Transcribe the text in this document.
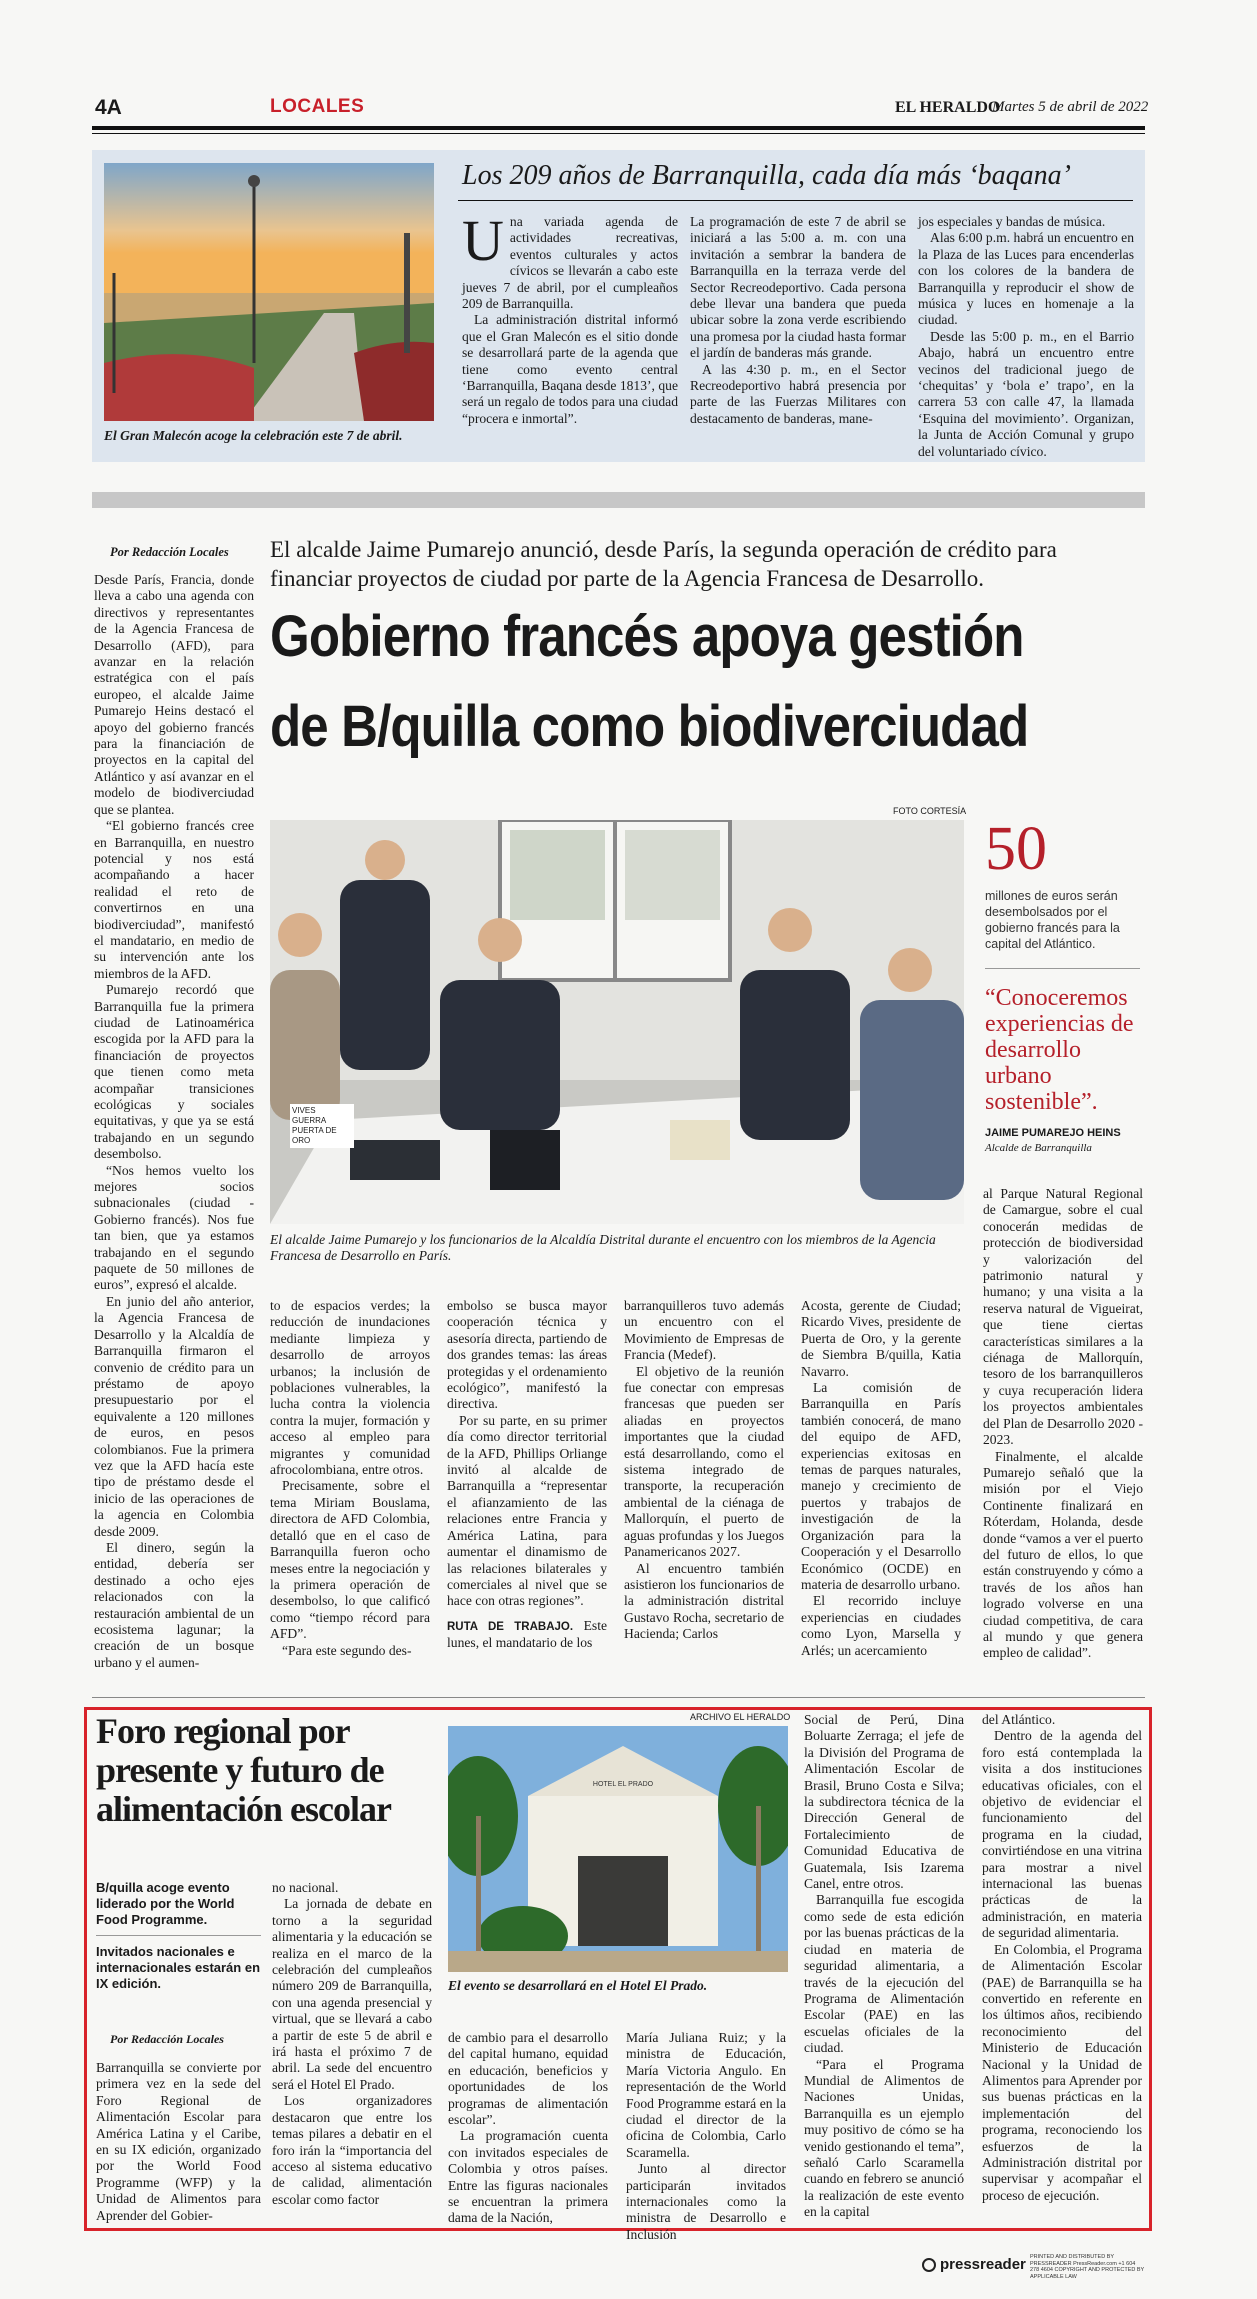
4A	LOCALES	EL HERALDO
Martes 5 de abril de 2022
El Gran Malecón acoge la celebración este 7 de abril.
Los 209 años de Barranquilla, cada día más ‘baqana’
U na variada agenda de actividades recreativas, eventos culturales y actos cívicos se llevarán a cabo este jueves 7 de abril, por el cumpleaños 209 de Barranquilla.

La administración distrital informó que el Gran Malecón es el sitio donde se desarrollará parte de la agenda que tiene como evento central ‘Barranquilla, Baqana desde 1813’, que será un regalo de todos para una ciudad “procera e inmortal”.

La programación de este 7 de abril se iniciará a las 5:00 a. m. con una invitación a sembrar la bandera de Barranquilla en la terraza verde del Sector Recreodeportivo. Cada persona debe llevar una bandera que pueda ubicar sobre la zona verde escribiendo una promesa por la ciudad hasta formar el jardín de banderas más grande.

A las 4:30 p. m., en el Sector Recreodeportivo habrá presencia por parte de las Fuerzas Militares con destacamento de banderas, mane-

jos especiales y bandas de música.

Alas 6:00 p.m. habrá un encuentro en la Plaza de las Luces para encenderlas con los colores de la bandera de Barranquilla y reproducir el show de música y luces en homenaje a la ciudad.

Desde las 5:00 p. m., en el Barrio Abajo, habrá un encuentro entre vecinos del tradicional juego de ‘chequitas’ y ‘bola e’ trapo’, en la carrera 53 con calle 47, la llamada ‘Esquina del movimiento’. Organizan, la Junta de Acción Comunal y grupo del voluntariado cívico.

Por Redacción Locales

Desde París, Francia, donde lleva a cabo una agenda con directivos y representantes de la Agencia Francesa de Desarrollo (AFD), para avanzar en la relación estratégica con el país europeo, el alcalde Jaime Pumarejo Heins destacó el apoyo del gobierno francés para la financiación de proyectos en la capital del Atlántico y así avanzar en el modelo de biodiverciudad que se plantea.

“El gobierno francés cree en Barranquilla, en nuestro potencial y nos está acompañando a hacer realidad el reto de convertirnos en una biodiverciudad”, manifestó el mandatario, en medio de su intervención ante los miembros de la AFD.

Pumarejo recordó que Barranquilla fue la primera ciudad de Latinoamérica escogida por la AFD para la financiación de proyectos que tienen como meta acompañar transiciones ecológicas y sociales equitativas, y que ya se está trabajando en un segundo desembolso.

“Nos hemos vuelto los mejores socios subnacionales (ciudad - Gobierno francés). Nos fue tan bien, que ya estamos trabajando en el segundo paquete de 50 millones de euros”, expresó el alcalde.

En junio del año anterior, la Agencia Francesa de Desarrollo y la Alcaldía de Barranquilla firmaron el convenio de crédito para un préstamo de apoyo presupuestario por el equivalente a 120 millones de euros, en pesos colombianos. Fue la primera vez que la AFD hacía este tipo de préstamo desde el inicio de las operaciones de la agencia en Colombia desde 2009.

El dinero, según la entidad, debería ser destinado a ocho ejes relacionados con la restauración ambiental de un ecosistema lagunar; la creación de un bosque urbano y el aumen-

El alcalde Jaime Pumarejo anunció, desde París, la segunda operación de crédito para financiar proyectos de ciudad por parte de la Agencia Francesa de Desarrollo.
Gobierno francés apoya gestión
de B/quilla como biodiverciudad
FOTO CORTESÍA
VIVES GUERRA PUERTA DE ORO
El alcalde Jaime Pumarejo y los funcionarios de la Alcaldía Distrital durante el encuentro con los miembros de la Agencia Francesa de Desarrollo en París.
50
millones de euros serán desembolsados por el gobierno francés para la capital del Atlántico.
“Conoceremos experiencias de desarrollo urbano sostenible”.
JAIME PUMAREJO HEINS
Alcalde de Barranquilla

to de espacios verdes; la reducción de inundaciones mediante limpieza y desarrollo de arroyos urbanos; la inclusión de poblaciones vulnerables, la lucha contra la violencia contra la mujer, formación y acceso al empleo para migrantes y comunidad afrocolombiana, entre otros.

Precisamente, sobre el tema Miriam Bouslama, directora de AFD Colombia, detalló que en el caso de Barranquilla fueron ocho meses entre la negociación y la primera operación de desembolso, lo que calificó como “tiempo récord para AFD”.

“Para este segundo des-

embolso se busca mayor cooperación técnica y asesoría directa, partiendo de dos grandes temas: las áreas protegidas y el ordenamiento ecológico”, manifestó la directiva.

Por su parte, en su primer día como director territorial de la AFD, Phillips Orliange invitó al alcalde de Barranquilla a “representar el afianzamiento de las relaciones entre Francia y América Latina, para aumentar el dinamismo de las relaciones bilaterales y comerciales al nivel que se hace con otras regiones”.

RUTA DE TRABAJO. Este lunes, el mandatario de los

barranquilleros tuvo además un encuentro con el Movimiento de Empresas de Francia (Medef).

El objetivo de la reunión fue conectar con empresas francesas que pueden ser aliadas en proyectos importantes que la ciudad está desarrollando, como el sistema integrado de transporte, la recuperación ambiental de la ciénaga de Mallorquín, el puerto de aguas profundas y los Juegos Panamericanos 2027.

Al encuentro también asistieron los funcionarios de la administración distrital Gustavo Rocha, secretario de Hacienda; Carlos

Acosta, gerente de Ciudad; Ricardo Vives, presidente de Puerta de Oro, y la gerente de Siembra B/quilla, Katia Navarro.

La comisión de Barranquilla en París también conocerá, de mano del equipo de AFD, experiencias exitosas en temas de parques naturales, manejo y crecimiento de puertos y trabajos de investigación de la Organización para la Cooperación y el Desarrollo Económico (OCDE) en materia de desarrollo urbano.

El recorrido incluye experiencias en ciudades como Lyon, Marsella y Arlés; un acercamiento

al Parque Natural Regional de Camargue, sobre el cual conocerán medidas de protección de biodiversidad y valorización del patrimonio natural y humano; y una visita a la reserva natural de Vigueirat, que tiene ciertas características similares a la ciénaga de Mallorquín, tesoro de los barranquilleros y cuya recuperación lidera los proyectos ambientales del Plan de Desarrollo 2020 - 2023.

Finalmente, el alcalde Pumarejo señaló que la misión por el Viejo Continente finalizará en Róterdam, Holanda, desde donde “vamos a ver el puerto del futuro de ellos, lo que están construyendo y cómo a través de los años han logrado volverse en una ciudad competitiva, de cara al mundo y que genera empleo de calidad”.

Foro regional por presente y futuro de alimentación escolar
B/quilla acoge evento liderado por the World Food Programme.
Invitados nacionales e internacionales estarán en IX edición.
Por Redacción Locales

Barranquilla se convierte por primera vez en la sede del Foro Regional de Alimentación Escolar para América Latina y el Caribe, en su IX edición, organizado por the World Food Programme (WFP) y la Unidad de Alimentos para Aprender del Gobier-

no nacional.

La jornada de debate en torno a la seguridad alimentaria y la educación se realiza en el marco de la celebración del cumpleaños número 209 de Barranquilla, con una agenda presencial y virtual, que se llevará a cabo a partir de este 5 de abril e irá hasta el próximo 7 de abril. La sede del encuentro será el Hotel El Prado.

Los organizadores destacaron que entre los temas pilares a debatir en el foro irán la “importancia del acceso al sistema educativo de calidad, alimentación escolar como factor

ARCHIVO EL HERALDO
HOTEL EL PRADO
El evento se desarrollará en el Hotel El Prado.

de cambio para el desarrollo del capital humano, equidad en educación, beneficios y oportunidades de los programas de alimentación escolar”.

La programación cuenta con invitados especiales de Colombia y otros países. Entre las figuras nacionales se encuentran la primera dama de la Nación,

María Juliana Ruiz; y la ministra de Educación, María Victoria Angulo. En representación de the World Food Programme estará en la ciudad el director de la oficina de Colombia, Carlo Scaramella.

Junto al director participarán invitados internacionales como la ministra de Desarrollo e Inclusión

Social de Perú, Dina Boluarte Zerraga; el jefe de la División del Programa de Alimentación Escolar de Brasil, Bruno Costa e Silva; la subdirectora técnica de la Dirección General de Fortalecimiento de Comunidad Educativa de Guatemala, Isis Izarema Canel, entre otros.

Barranquilla fue escogida como sede de esta edición por las buenas prácticas de la ciudad en materia de seguridad alimentaria, a través de la ejecución del Programa de Alimentación Escolar (PAE) en las escuelas oficiales de la ciudad.

“Para el Programa Mundial de Alimentos de Naciones Unidas, Barranquilla es un ejemplo muy positivo de cómo se ha venido gestionando el tema”, señaló Carlo Scaramella cuando en febrero se anunció la realización de este evento en la capital

del Atlántico.

Dentro de la agenda del foro está contemplada la visita a dos instituciones educativas oficiales, con el objetivo de evidenciar el funcionamiento del programa en la ciudad, convirtiéndose en una vitrina para mostrar a nivel internacional las buenas prácticas de la administración, en materia de seguridad alimentaria.

En Colombia, el Programa de Alimentación Escolar (PAE) de Barranquilla se ha convertido en referente en los últimos años, recibiendo reconocimiento del Ministerio de Educación Nacional y la Unidad de Alimentos para Aprender por sus buenas prácticas en la implementación del programa, reconociendo los esfuerzos de la Administración distrital por supervisar y acompañar el proceso de ejecución.

pressreader PRINTED AND DISTRIBUTED BY PRESSREADER PressReader.com +1 604 278 4604 COPYRIGHT AND PROTECTED BY APPLICABLE LAW
